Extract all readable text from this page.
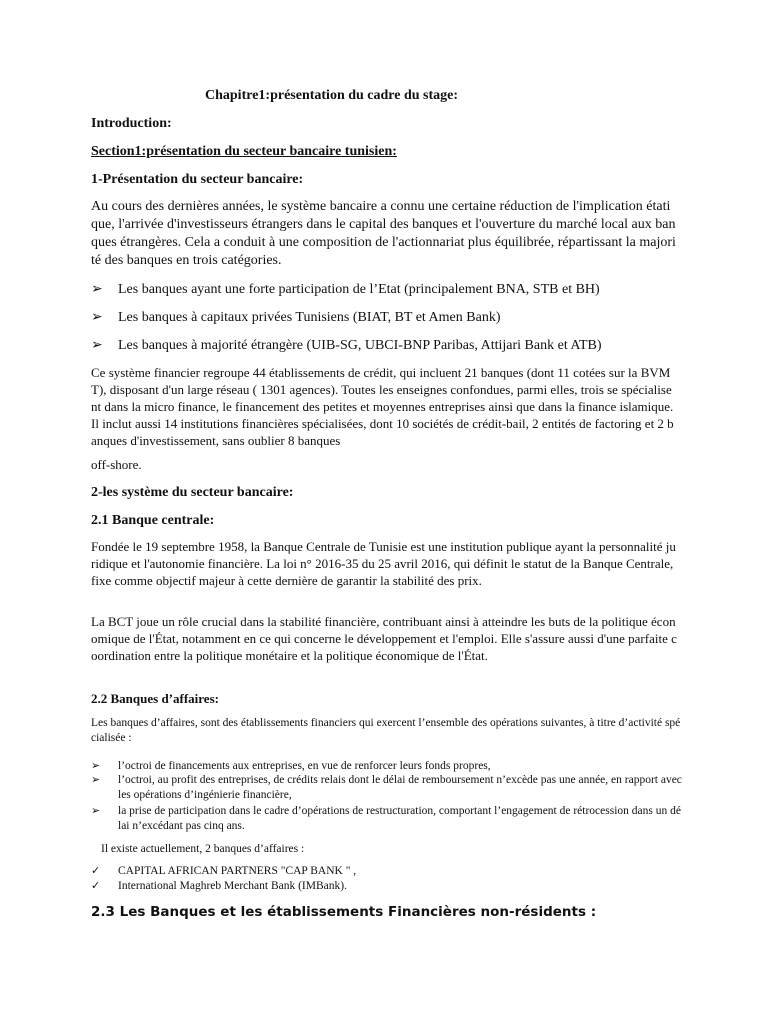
Chapitre1:présentation du cadre du stage:
Introduction:
Section1:présentation du secteur bancaire tunisien:
1-Présentation du secteur bancaire:

Au cours des dernières années, le système bancaire a connu une certaine réduction de l'implication étatique, l'arrivée d'investisseurs étrangers dans le capital des banques et l'ouverture du marché local aux banques étrangères. Cela a conduit à une composition de l'actionnariat plus équilibrée, répartissant la majorité des banques en trois catégories.

➢ Les banques ayant une forte participation de l’Etat (principalement BNA, STB et BH)
➢ Les banques à capitaux privées Tunisiens (BIAT, BT et Amen Bank)
➢ Les banques à majorité étrangère (UIB-SG, UBCI-BNP Paribas, Attijari Bank et ATB)

Ce système financier regroupe 44 établissements de crédit, qui incluent 21 banques (dont 11 cotées sur la BVMT), disposant d'un large réseau ( 1301 agences). Toutes les enseignes confondues, parmi elles, trois se spécialisent dans la micro finance, le financement des petites et moyennes entreprises ainsi que dans la finance islamique. Il inclut aussi 14 institutions financières spécialisées, dont 10 sociétés de crédit-bail, 2 entités de factoring et 2 banques d'investissement, sans oublier 8 banques

off-shore.
2-les système du secteur bancaire:
2.1 Banque centrale:

Fondée le 19 septembre 1958, la Banque Centrale de Tunisie est une institution publique ayant la personnalité juridique et l'autonomie financière. La loi n° 2016-35 du 25 avril 2016, qui définit le statut de la Banque Centrale, fixe comme objectif majeur à cette dernière de garantir la stabilité des prix.

La BCT joue un rôle crucial dans la stabilité financière, contribuant ainsi à atteindre les buts de la politique économique de l'État, notamment en ce qui concerne le développement et l'emploi. Elle s'assure aussi d'une parfaite coordination entre la politique monétaire et la politique économique de l'État.

2.2 Banques d’affaires:

Les banques d’affaires, sont des établissements financiers qui exercent l’ensemble des opérations suivantes, à titre d’activité spécialisée :

➢ l’octroi de financements aux entreprises, en vue de renforcer leurs fonds propres,
➢ l’octroi, au profit des entreprises, de crédits relais dont le délai de remboursement n’excède pas une année, en rapport avec les opérations d’ingénierie financière,
➢ la prise de participation dans le cadre d’opérations de restructuration, comportant l’engagement de rétrocession dans un délai n’excédant pas cinq ans.
Il existe actuellement, 2 banques d’affaires :
✓ CAPITAL AFRICAN PARTNERS "CAP BANK " ,
✓ International Maghreb Merchant Bank (IMBank).
2.3 Les Banques et les établissements Financières non-résidents :
